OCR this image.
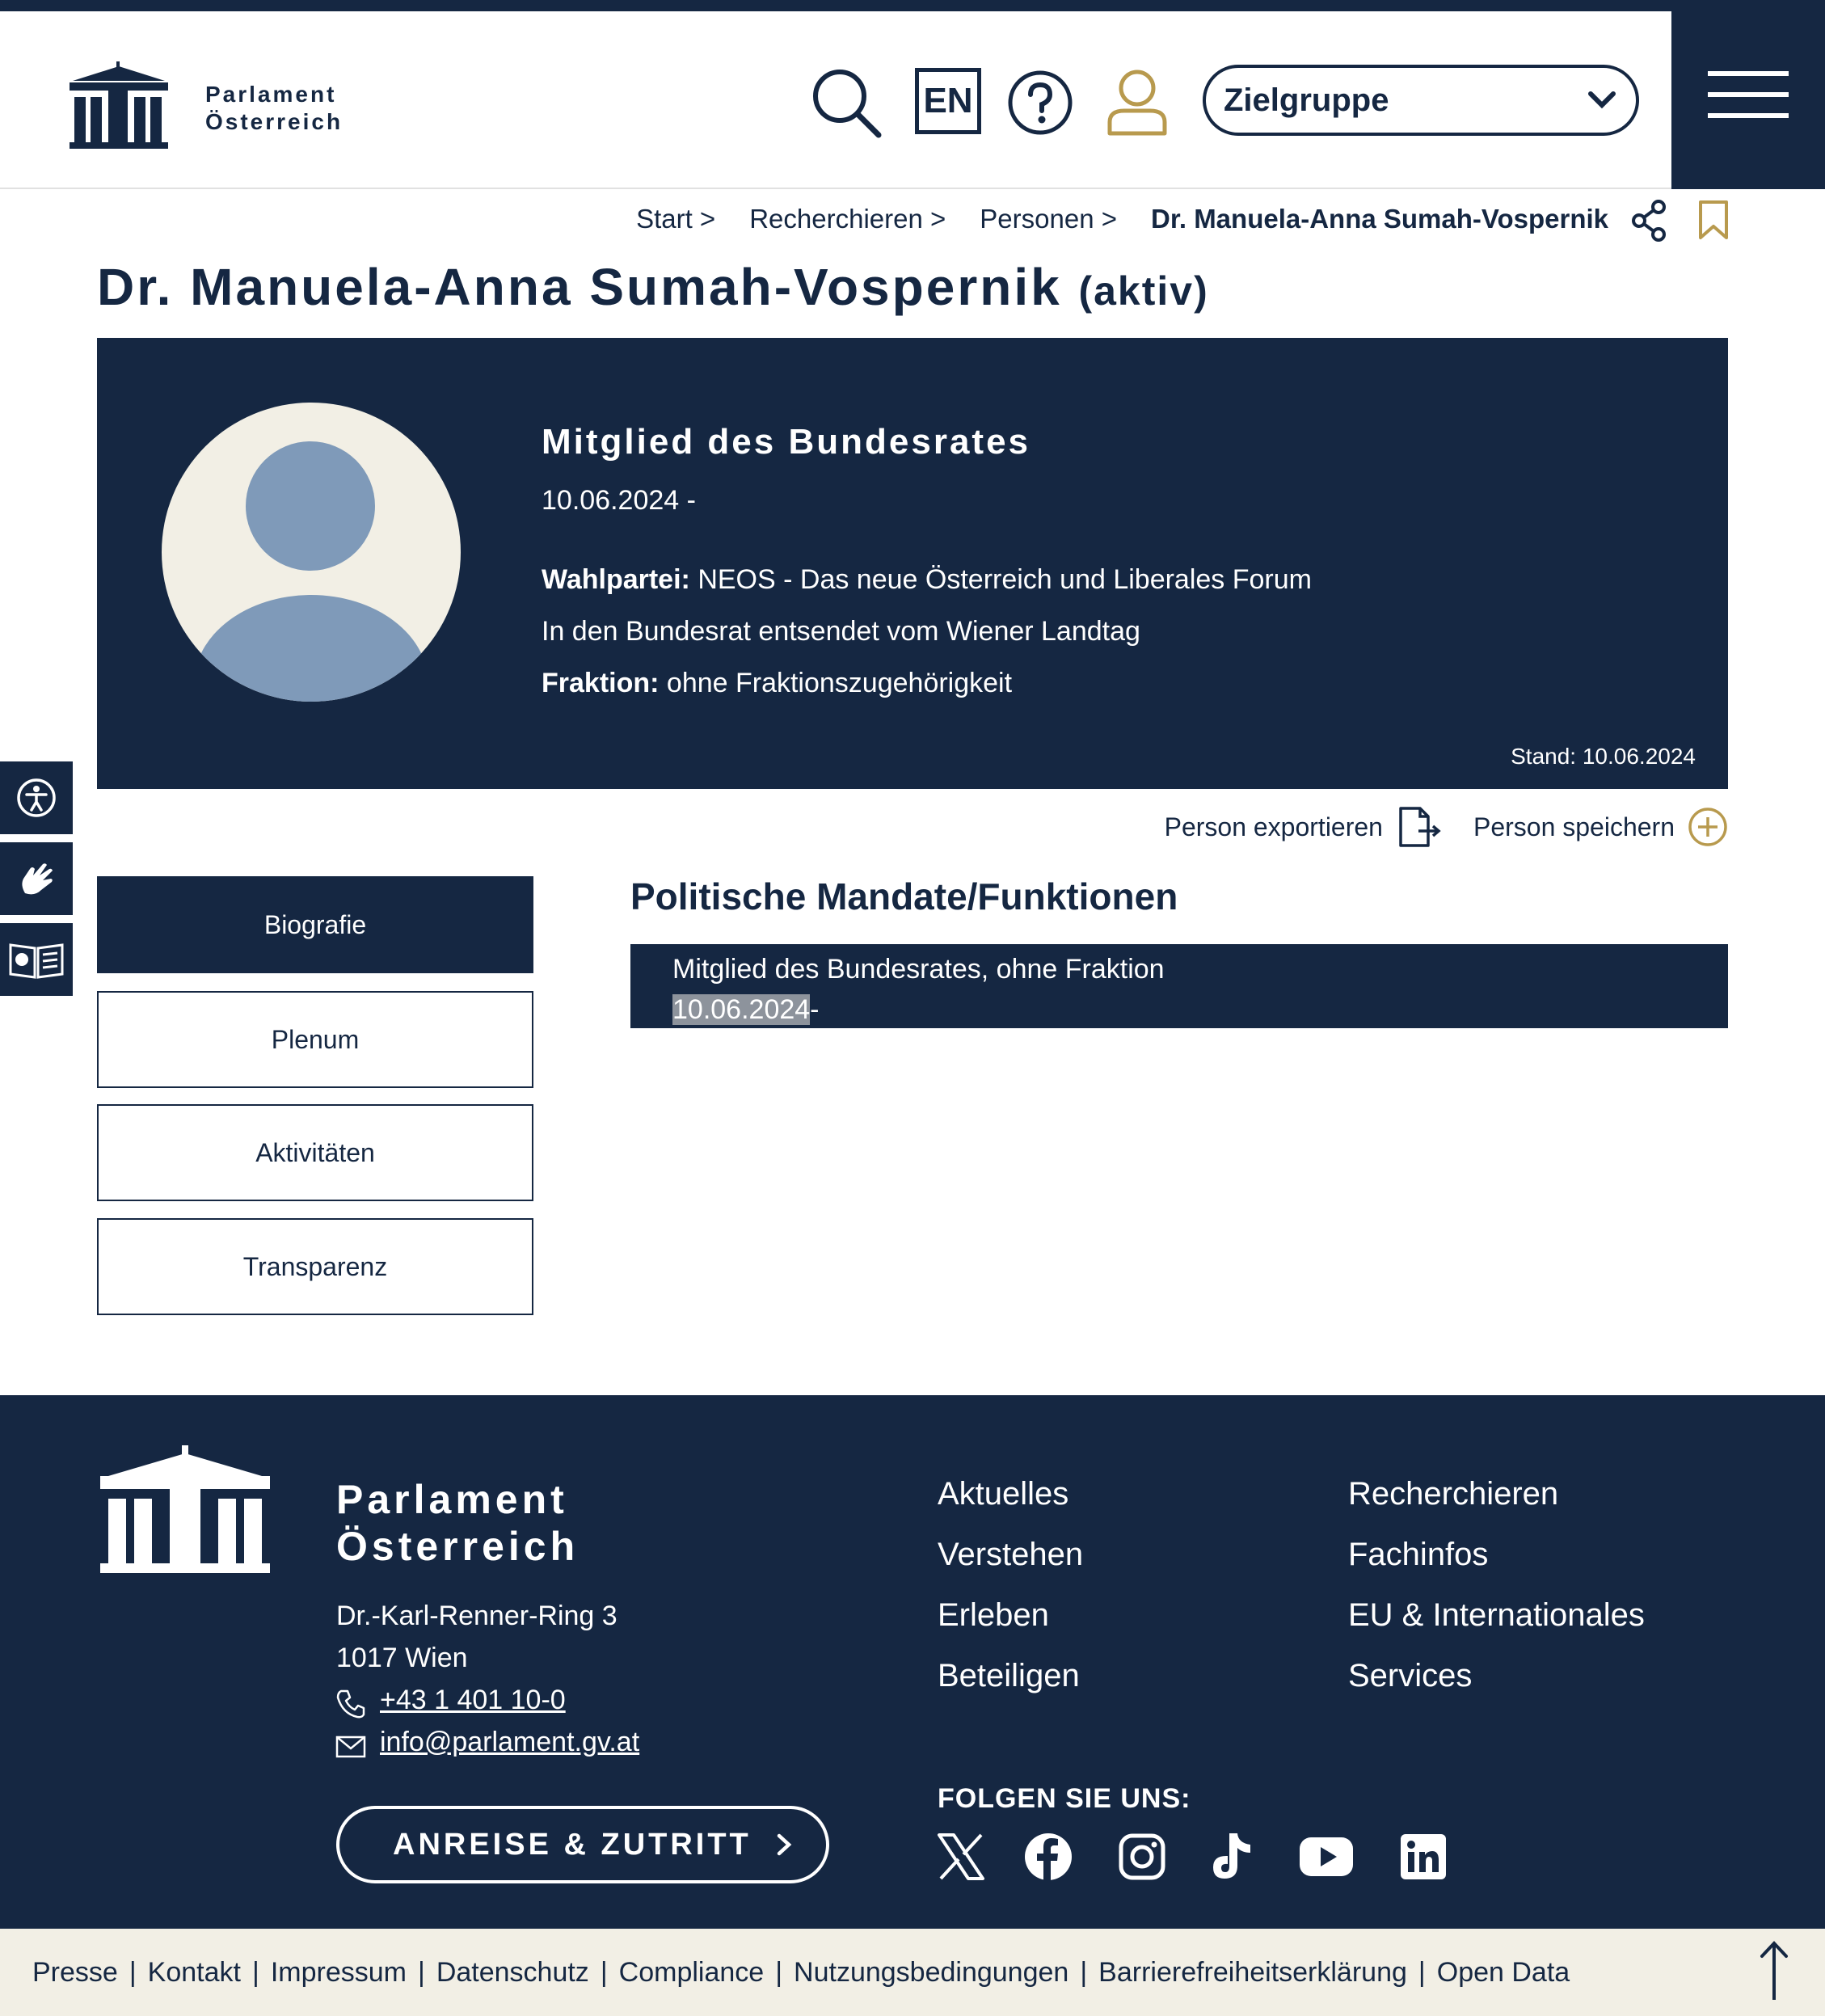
Parlament
Österreich
EN	Zielgruppe
Start > Recherchieren > Personen > Dr. Manuela-Anna Sumah-Vospernik
Dr. Manuela-Anna Sumah-Vospernik (aktiv)
Mitglied des Bundesrates
10.06.2024 -
Wahlpartei: NEOS - Das neue Österreich und Liberales Forum
In den Bundesrat entsendet vom Wiener Landtag
Fraktion: ohne Fraktionszugehörigkeit
Stand: 10.06.2024
Person exportieren	Person speichern
Biografie
Plenum
Aktivitäten
Transparenz
Politische Mandate/Funktionen
Mitglied des Bundesrates, ohne Fraktion
10.06.2024-
Parlament
Österreich
Dr.-Karl-Renner-Ring 3
1017 Wien
+43 1 401 10-0
info@parlament.gv.at
ANREISE & ZUTRITT
Aktuelles
Verstehen
Erleben
Beteiligen
Recherchieren
Fachinfos
EU & Internationales
Services
FOLGEN SIE UNS:
Presse | Kontakt | Impressum | Datenschutz | Compliance | Nutzungsbedingungen | Barrierefreiheitserklärung | Open Data
